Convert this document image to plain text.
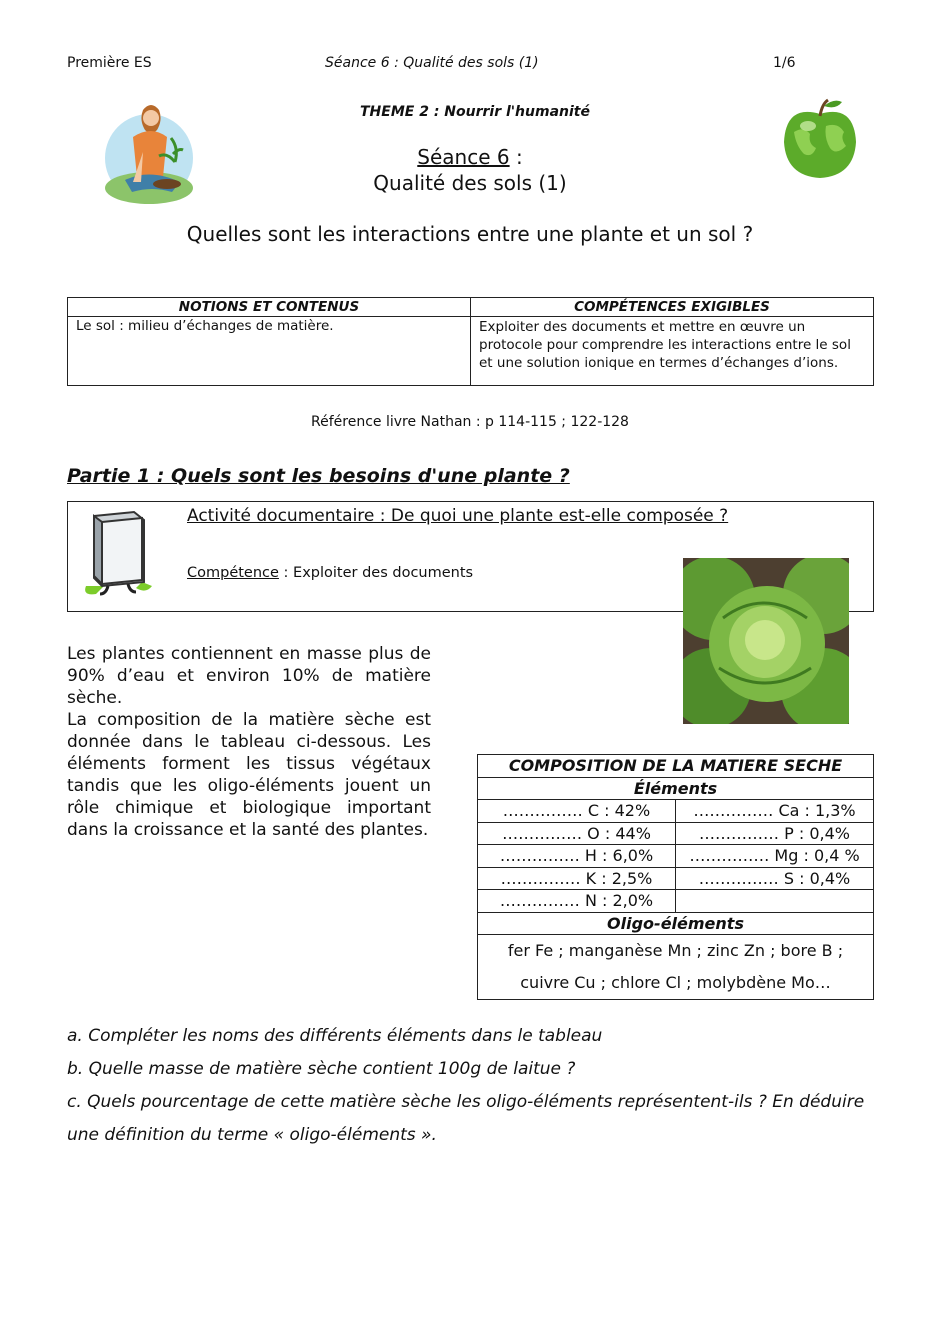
Première ES	Séance 6 : Qualité des sols (1)	1/6
THEME 2 : Nourrir l'humanité
Séance 6 :
Qualité des sols (1)
Quelles sont les interactions entre une plante et un sol ?
NOTIONS ET CONTENUS	COMPÉTENCES EXIGIBLES
Le sol : milieu d’échanges de matière.	Exploiter des documents et mettre en œuvre un protocole pour comprendre les interactions entre le sol et une solution ionique en termes d’échanges d’ions.
Référence livre Nathan : p 114-115 ; 122-128
Partie 1 : Quels sont les besoins d'une plante ?
Activité documentaire : De quoi une plante est-elle composée ?
Compétence : Exploiter des documents
Les plantes contiennent en masse plus de 90% d’eau et environ 10% de matière sèche.
La composition de la matière sèche est donnée dans le tableau ci-dessous. Les éléments forment les tissus végétaux tandis que les oligo-éléments jouent un rôle chimique et biologique important dans la croissance et la santé des plantes.
COMPOSITION DE LA MATIERE SECHE	
Éléments	
…………… C : 42%	…………… Ca : 1,3%
…………… O : 44%	…………… P : 0,4%
…………… H : 6,0%	…………… Mg : 0,4 %
…………… K : 2,5%	…………… S : 0,4%
…………… N : 2,0%	
Oligo-éléments	

fer Fe ; manganèse Mn ; zinc Zn ; bore B ;
cuivre Cu ; chlore Cl ; molybdène Mo…	
a. Compléter les noms des différents éléments dans le tableau
b. Quelle masse de matière sèche contient 100g de laitue ?
c. Quels pourcentage de cette matière sèche les oligo-éléments représentent-ils ? En déduire
une définition du terme « oligo-éléments ».
